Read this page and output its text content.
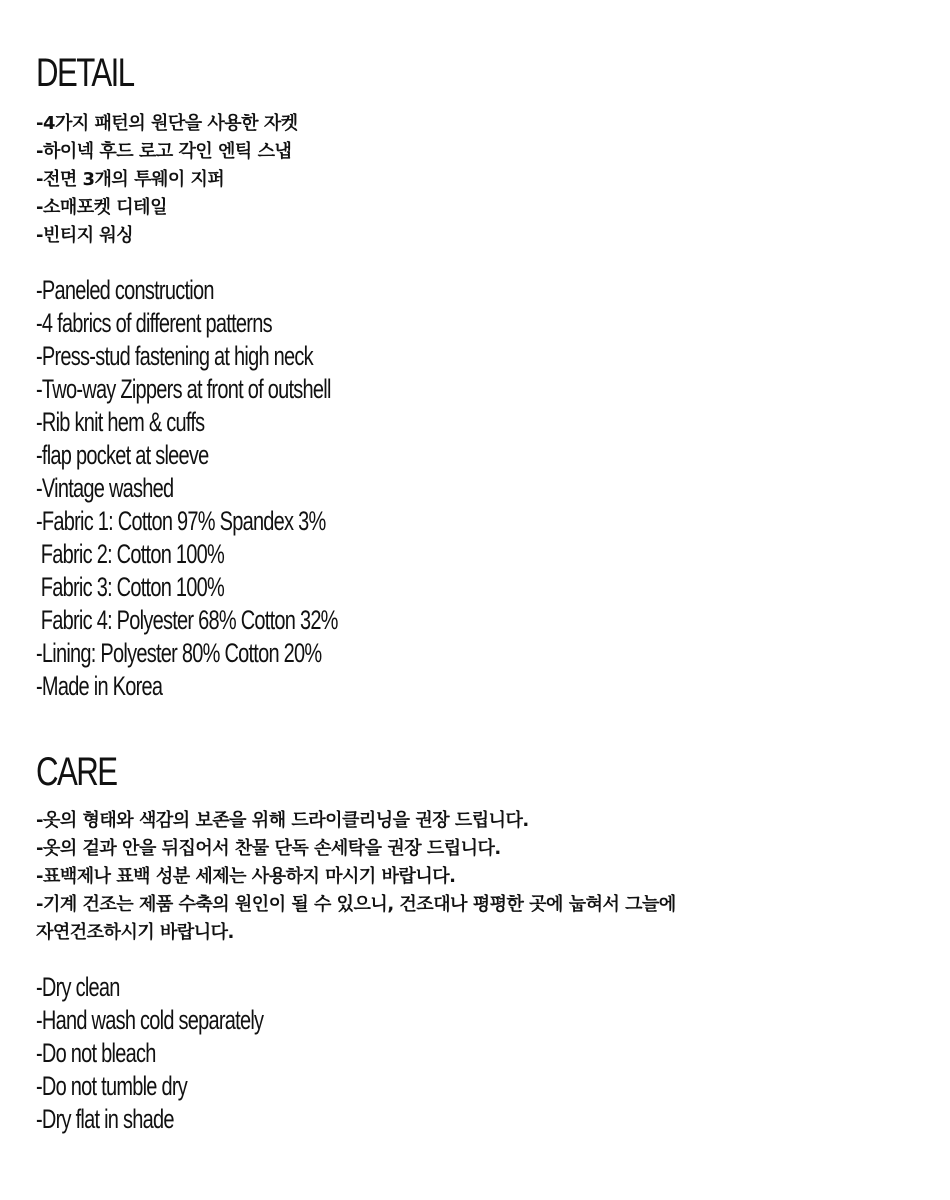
DETAIL
-4가지 패턴의 원단을 사용한 자켓
-하이넥 후드 로고 각인 엔틱 스냅
-전면 3개의 투웨이 지퍼
-소매포켓 디테일
-빈티지 워싱
-Paneled construction
-4 fabrics of different patterns
-Press-stud fastening at high neck
-Two-way Zippers at front of outshell
-Rib knit hem & cuffs
-flap pocket at sleeve
-Vintage washed
-Fabric 1: Cotton 97% Spandex 3%
Fabric 2: Cotton 100%
Fabric 3: Cotton 100%
Fabric 4: Polyester 68% Cotton 32%
-Lining: Polyester 80% Cotton 20%
-Made in Korea
CARE
-옷의 형태와 색감의 보존을 위해 드라이클리닝을 권장 드립니다.
-옷의 겉과 안을 뒤집어서 찬물 단독 손세탁을 권장 드립니다.
-표백제나 표백 성분 세제는 사용하지 마시기 바랍니다.
-기계 건조는 제품 수축의 원인이 될 수 있으니, 건조대나 평평한 곳에 눕혀서 그늘에
자연건조하시기 바랍니다.
-Dry clean
-Hand wash cold separately
-Do not bleach
-Do not tumble dry
-Dry flat in shade
